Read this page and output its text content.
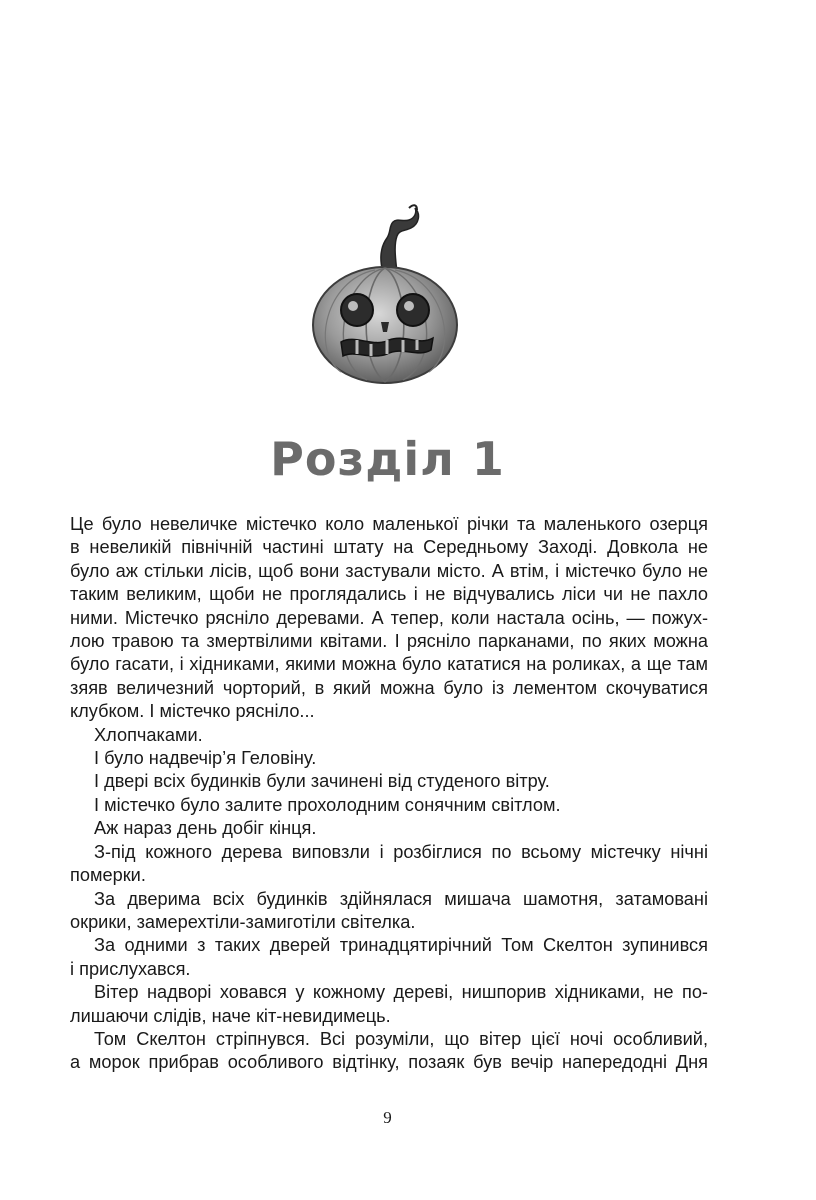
Розділ 1
Це було невеличке містечко коло маленької річки та маленького озерця
в невеликій північній частині штату на Середньому Заході. Довкола не
було аж стільки лісів, щоб вони застували місто. А втім, і містечко було не
таким великим, щоби не проглядались і не відчувались ліси чи не пахло
ними. Містечко рясніло деревами. А тепер, коли настала осінь, — пожух-
лою травою та змертвілими квітами. І рясніло парканами, по яких можна
було гасати, і хідниками, якими можна було кататися на роликах, а ще там
зяяв величезний чорторий, в який можна було із лементом скочуватися
клубком. І містечко рясніло...
Хлопчаками.
І було надвечір’я Геловіну.
І двері всіх будинків були зачинені від студеного вітру.
І містечко було залите прохолодним сонячним світлом.
Аж нараз день добіг кінця.
З-під кожного дерева виповзли і розбіглися по всьому містечку нічні
померки.
За дверима всіх будинків здійнялася мишача шамотня, затамовані
окрики, замерехтіли-замиготіли світелка.
За одними з таких дверей тринадцятирічний Том Скелтон зупинився
і прислухався.
Вітер надворі ховався у кожному дереві, нишпорив хідниками, не по-
лишаючи слідів, наче кіт-невидимець.
Том Скелтон стріпнувся. Всі розуміли, що вітер цієї ночі особливий,
а морок прибрав особливого відтінку, позаяк був вечір напередодні Дня
9
